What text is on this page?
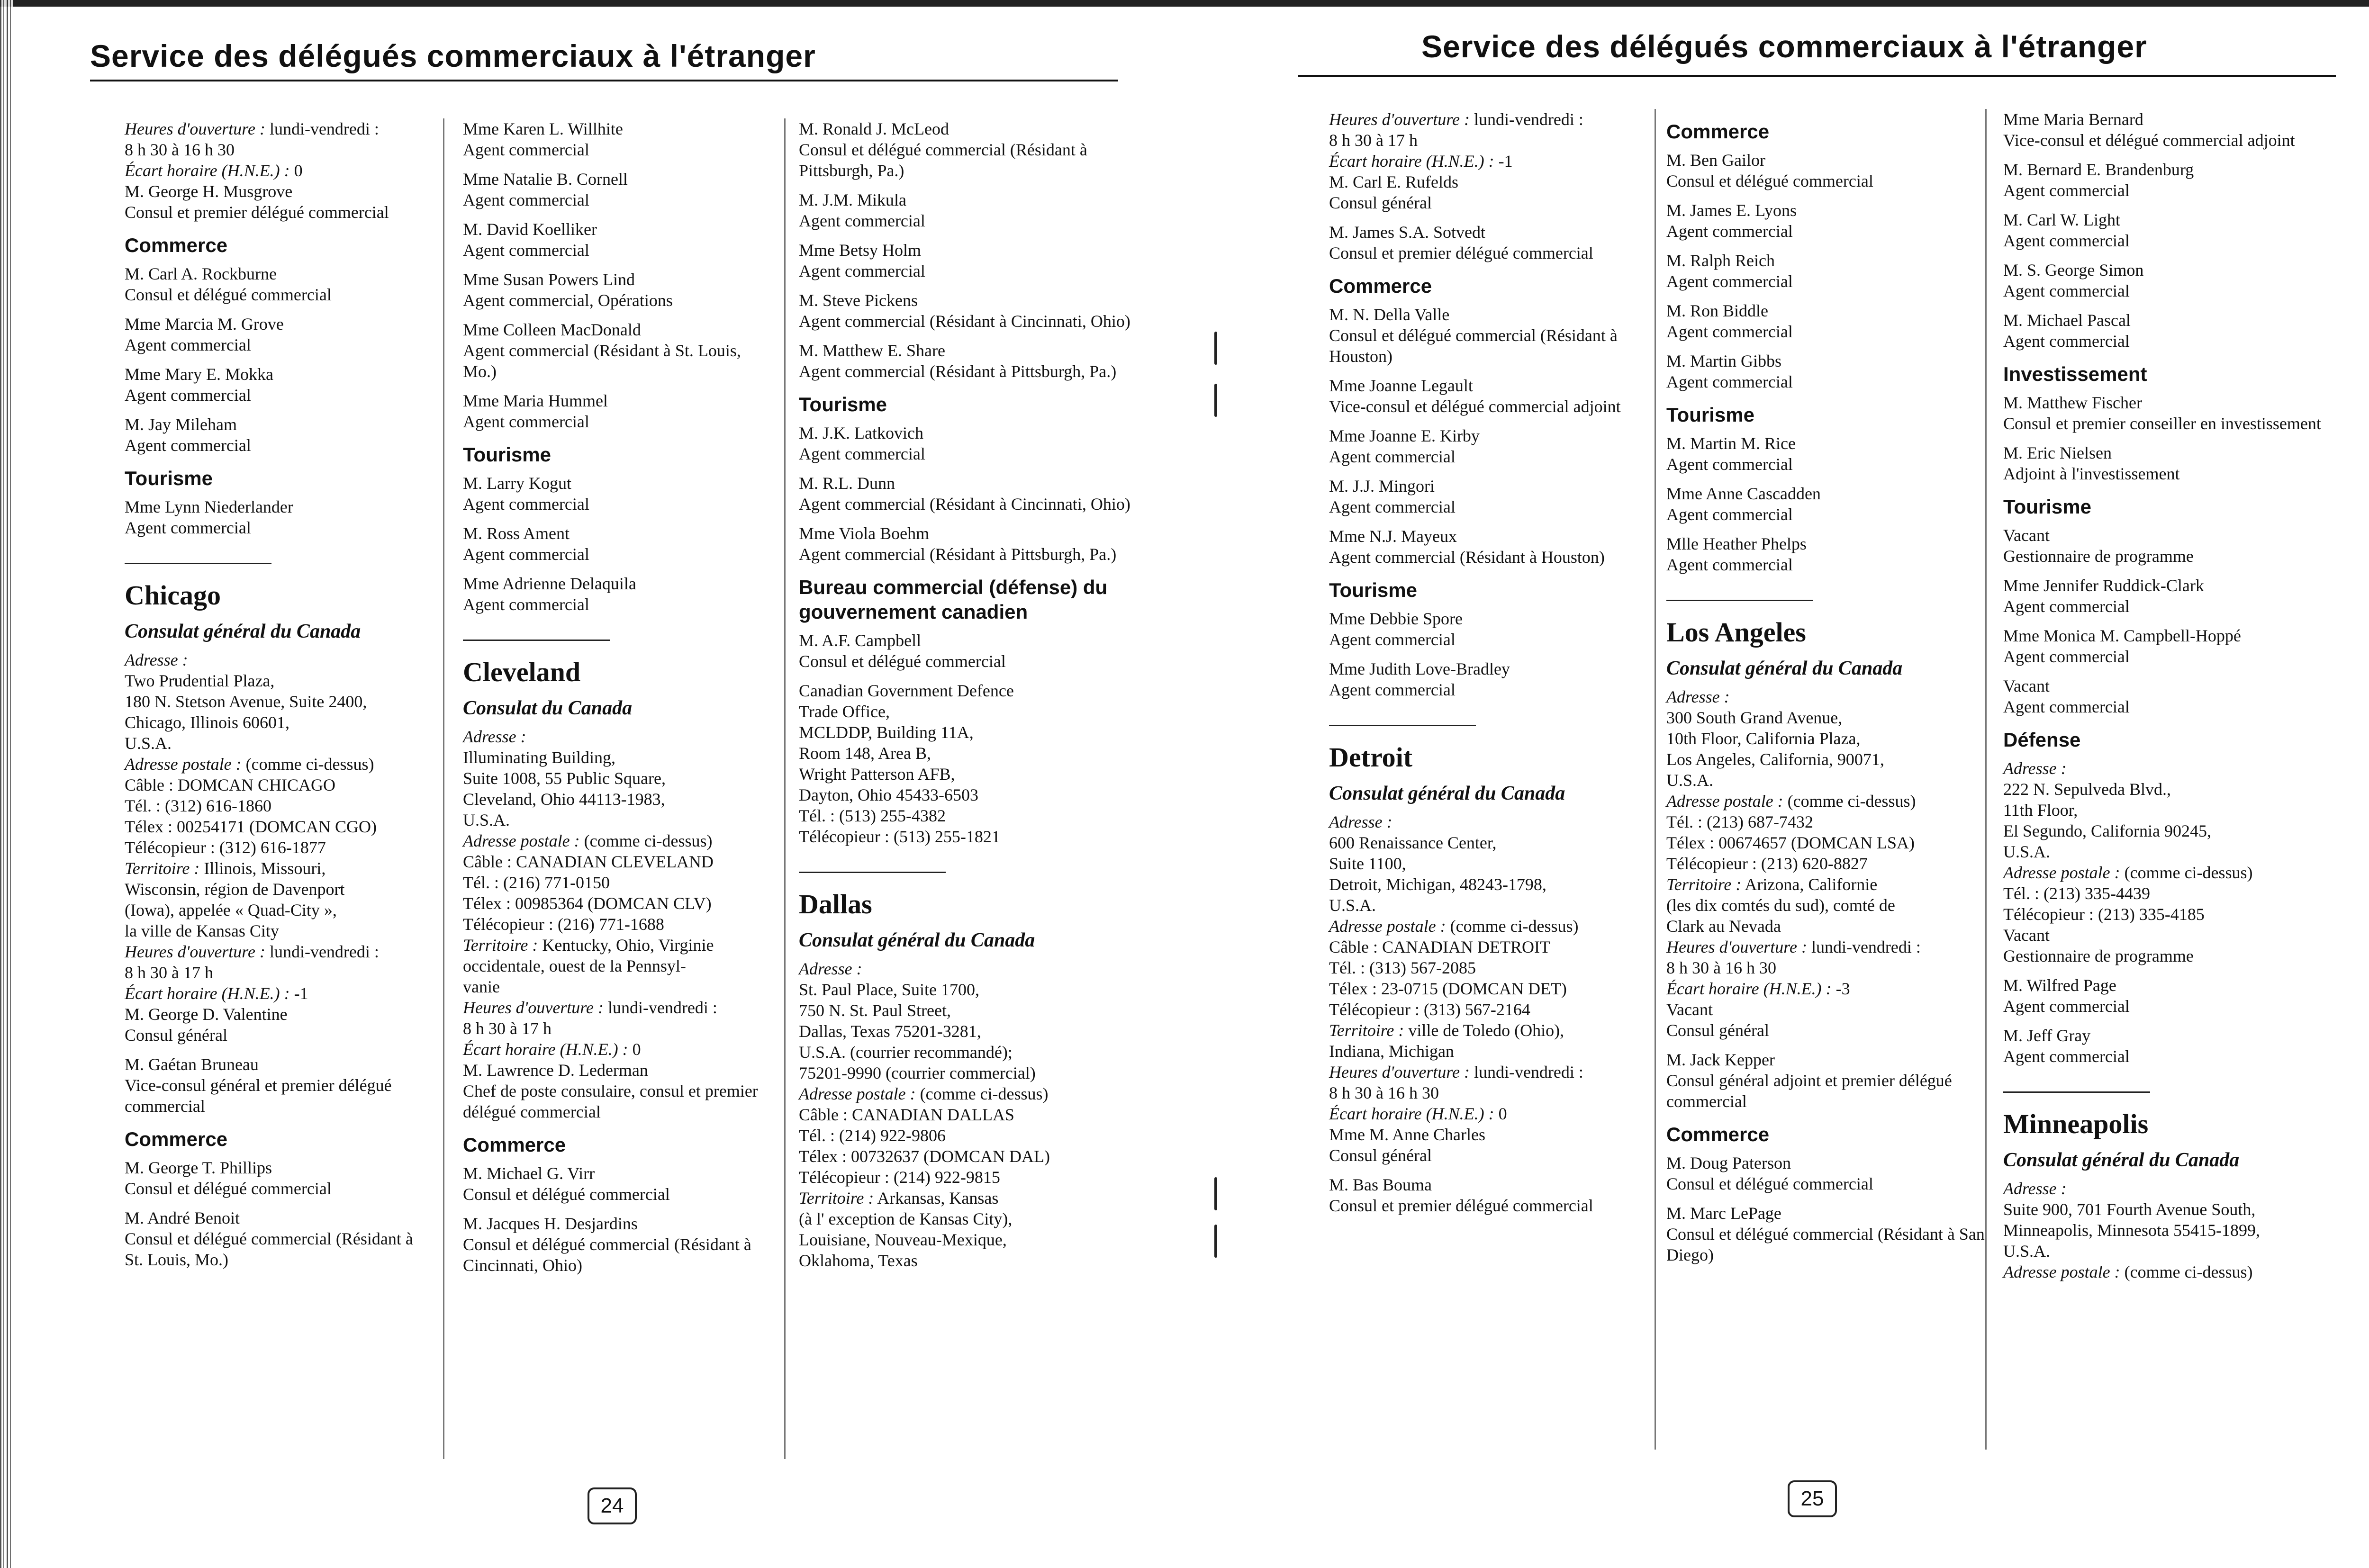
Service des délégués commerciaux à l'étranger

Heures d'ouverture : lundi-vendredi :

8 h 30 à 16 h 30

Écart horaire (H.N.E.) : 0

M. George H. Musgrove

Consul et premier délégué commercial

Commerce

M. Carl A. Rockburne

Consul et délégué commercial

Mme Marcia M. Grove

Agent commercial

Mme Mary E. Mokka

Agent commercial

M. Jay Mileham

Agent commercial

Tourisme

Mme Lynn Niederlander

Agent commercial

Chicago
Consulat général du Canada

Adresse :

Two Prudential Plaza,

180 N. Stetson Avenue, Suite 2400,

Chicago, Illinois 60601,

U.S.A.

Adresse postale : (comme ci-dessus)

Câble : DOMCAN CHICAGO

Tél. : (312) 616-1860

Télex : 00254171 (DOMCAN CGO)

Télécopieur : (312) 616-1877

Territoire : Illinois, Missouri,

Wisconsin, région de Davenport

(Iowa), appelée « Quad-City »,

la ville de Kansas City

Heures d'ouverture : lundi-vendredi :

8 h 30 à 17 h

Écart horaire (H.N.E.) : -1

M. George D. Valentine

Consul général

M. Gaétan Bruneau

Vice-consul général et premier délégué commercial

Commerce

M. George T. Phillips

Consul et délégué commercial

M. André Benoit

Consul et délégué commercial (Résidant à St. Louis, Mo.)

Mme Karen L. Willhite

Agent commercial

Mme Natalie B. Cornell

Agent commercial

M. David Koelliker

Agent commercial

Mme Susan Powers Lind

Agent commercial, Opérations

Mme Colleen MacDonald

Agent commercial (Résidant à St. Louis, Mo.)

Mme Maria Hummel

Agent commercial

Tourisme

M. Larry Kogut

Agent commercial

M. Ross Ament

Agent commercial

Mme Adrienne Delaquila

Agent commercial

Cleveland
Consulat du Canada

Adresse :

Illuminating Building,

Suite 1008, 55 Public Square,

Cleveland, Ohio 44113-1983,

U.S.A.

Adresse postale : (comme ci-dessus)

Câble : CANADIAN CLEVELAND

Tél. : (216) 771-0150

Télex : 00985364 (DOMCAN CLV)

Télécopieur : (216) 771-1688

Territoire : Kentucky, Ohio, Virginie

occidentale, ouest de la Pennsyl-

vanie

Heures d'ouverture : lundi-vendredi :

8 h 30 à 17 h

Écart horaire (H.N.E.) : 0

M. Lawrence D. Lederman

Chef de poste consulaire, consul et premier délégué commercial

Commerce

M. Michael G. Virr

Consul et délégué commercial

M. Jacques H. Desjardins

Consul et délégué commercial (Résidant à Cincinnati, Ohio)

M. Ronald J. McLeod

Consul et délégué commercial (Résidant à Pittsburgh, Pa.)

M. J.M. Mikula

Agent commercial

Mme Betsy Holm

Agent commercial

M. Steve Pickens

Agent commercial (Résidant à Cincinnati, Ohio)

M. Matthew E. Share

Agent commercial (Résidant à Pittsburgh, Pa.)

Tourisme

M. J.K. Latkovich

Agent commercial

M. R.L. Dunn

Agent commercial (Résidant à Cincinnati, Ohio)

Mme Viola Boehm

Agent commercial (Résidant à Pittsburgh, Pa.)

Bureau commercial (défense) du gouvernement canadien

M. A.F. Campbell

Consul et délégué commercial

Canadian Government Defence

Trade Office,

MCLDDP, Building 11A,

Room 148, Area B,

Wright Patterson AFB,

Dayton, Ohio 45433-6503

Tél. : (513) 255-4382

Télécopieur : (513) 255-1821

Dallas
Consulat général du Canada

Adresse :

St. Paul Place, Suite 1700,

750 N. St. Paul Street,

Dallas, Texas 75201-3281,

U.S.A. (courrier recommandé);

75201-9990 (courrier commercial)

Adresse postale : (comme ci-dessus)

Câble : CANADIAN DALLAS

Tél. : (214) 922-9806

Télex : 00732637 (DOMCAN DAL)

Télécopieur : (214) 922-9815

Territoire : Arkansas, Kansas

(à l' exception de Kansas City),

Louisiane, Nouveau-Mexique,

Oklahoma, Texas

24
Service des délégués commerciaux à l'étranger

Heures d'ouverture : lundi-vendredi :

8 h 30 à 17 h

Écart horaire (H.N.E.) : -1

M. Carl E. Rufelds

Consul général

M. James S.A. Sotvedt

Consul et premier délégué commercial

Commerce

M. N. Della Valle

Consul et délégué commercial (Résidant à Houston)

Mme Joanne Legault

Vice-consul et délégué commercial adjoint

Mme Joanne E. Kirby

Agent commercial

M. J.J. Mingori

Agent commercial

Mme N.J. Mayeux

Agent commercial (Résidant à Houston)

Tourisme

Mme Debbie Spore

Agent commercial

Mme Judith Love-Bradley

Agent commercial

Detroit
Consulat général du Canada

Adresse :

600 Renaissance Center,

Suite 1100,

Detroit, Michigan, 48243-1798,

U.S.A.

Adresse postale : (comme ci-dessus)

Câble : CANADIAN DETROIT

Tél. : (313) 567-2085

Télex : 23-0715 (DOMCAN DET)

Télécopieur : (313) 567-2164

Territoire : ville de Toledo (Ohio),

Indiana, Michigan

Heures d'ouverture : lundi-vendredi :

8 h 30 à 16 h 30

Écart horaire (H.N.E.) : 0

Mme M. Anne Charles

Consul général

M. Bas Bouma

Consul et premier délégué commercial

Commerce

M. Ben Gailor

Consul et délégué commercial

M. James E. Lyons

Agent commercial

M. Ralph Reich

Agent commercial

M. Ron Biddle

Agent commercial

M. Martin Gibbs

Agent commercial

Tourisme

M. Martin M. Rice

Agent commercial

Mme Anne Cascadden

Agent commercial

Mlle Heather Phelps

Agent commercial

Los Angeles
Consulat général du Canada

Adresse :

300 South Grand Avenue,

10th Floor, California Plaza,

Los Angeles, California, 90071,

U.S.A.

Adresse postale : (comme ci-dessus)

Tél. : (213) 687-7432

Télex : 00674657 (DOMCAN LSA)

Télécopieur : (213) 620-8827

Territoire : Arizona, Californie

(les dix comtés du sud), comté de

Clark au Nevada

Heures d'ouverture : lundi-vendredi :

8 h 30 à 16 h 30

Écart horaire (H.N.E.) : -3

Vacant

Consul général

M. Jack Kepper

Consul général adjoint et premier délégué commercial

Commerce

M. Doug Paterson

Consul et délégué commercial

M. Marc LePage

Consul et délégué commercial (Résidant à San Diego)

Mme Maria Bernard

Vice-consul et délégué commercial adjoint

M. Bernard E. Brandenburg

Agent commercial

M. Carl W. Light

Agent commercial

M. S. George Simon

Agent commercial

M. Michael Pascal

Agent commercial

Investissement

M. Matthew Fischer

Consul et premier conseiller en investissement

M. Eric Nielsen

Adjoint à l'investissement

Tourisme

Vacant

Gestionnaire de programme

Mme Jennifer Ruddick-Clark

Agent commercial

Mme Monica M. Campbell-Hoppé

Agent commercial

Vacant

Agent commercial

Défense

Adresse :

222 N. Sepulveda Blvd.,

11th Floor,

El Segundo, California 90245,

U.S.A.

Adresse postale : (comme ci-dessus)

Tél. : (213) 335-4439

Télécopieur : (213) 335-4185

Vacant

Gestionnaire de programme

M. Wilfred Page

Agent commercial

M. Jeff Gray

Agent commercial

Minneapolis
Consulat général du Canada

Adresse :

Suite 900, 701 Fourth Avenue South,

Minneapolis, Minnesota 55415-1899,

U.S.A.

Adresse postale : (comme ci-dessus)

25
